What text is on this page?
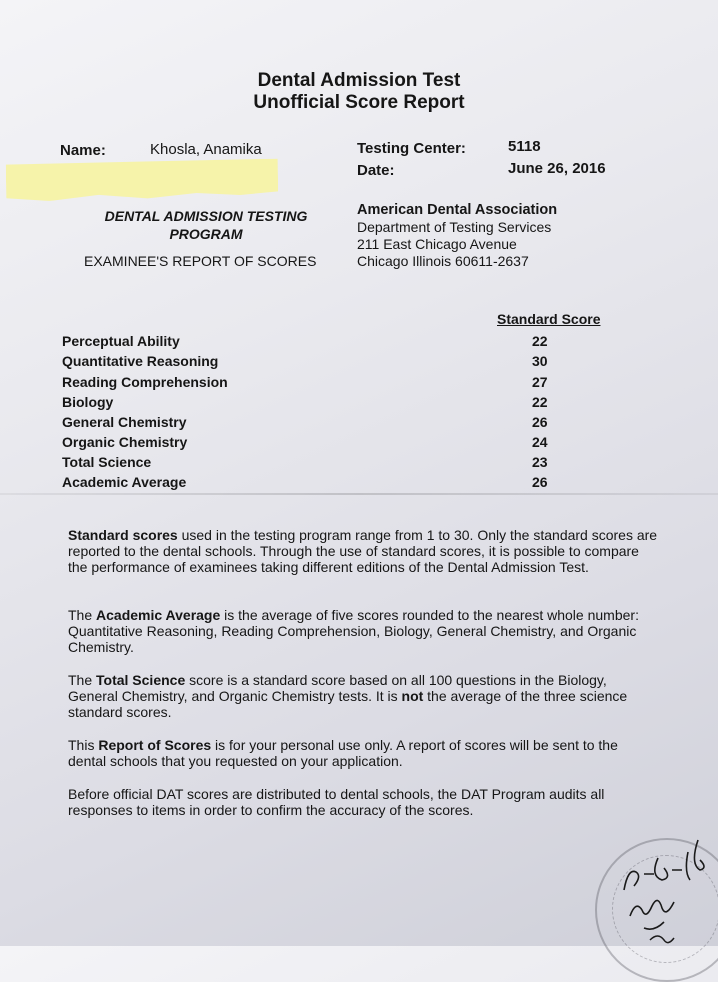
Dental Admission Test
Unofficial Score Report
Name:	Khosla, Anamika	Testing Center:	5118
Date:	June 26, 2016
DENTAL ADMISSION TESTING
PROGRAM
EXAMINEE'S REPORT OF SCORES
American Dental Association
Department of Testing Services
211 East Chicago Avenue
Chicago Illinois 60611-2637
Standard Score
Perceptual Ability	22
Quantitative Reasoning	30
Reading Comprehension	27
Biology	22
General Chemistry	26
Organic Chemistry	24
Total Science	23
Academic Average	26

Standard scores used in the testing program range from 1 to 30. Only the standard scores are reported to the dental schools. Through the use of standard scores, it is possible to compare the performance of examinees taking different editions of the Dental Admission Test.

The Academic Average is the average of five scores rounded to the nearest whole number: Quantitative Reasoning, Reading Comprehension, Biology, General Chemistry, and Organic Chemistry.

The Total Science score is a standard score based on all 100 questions in the Biology, General Chemistry, and Organic Chemistry tests. It is not the average of the three science standard scores.

This Report of Scores is for your personal use only. A report of scores will be sent to the dental schools that you requested on your application.

Before official DAT scores are distributed to dental schools, the DAT Program audits all responses to items in order to confirm the accuracy of the scores.
